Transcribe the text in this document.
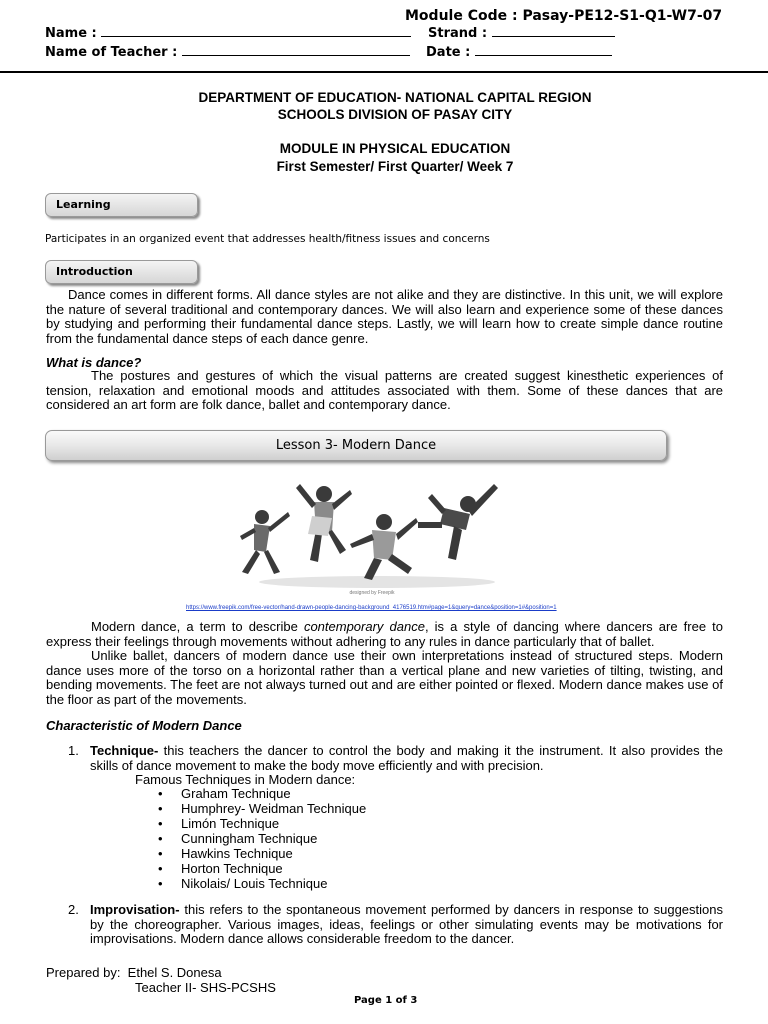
Module Code : Pasay-PE12-S1-Q1-W7-07
Name :	Strand :
Name of Teacher :	Date :
DEPARTMENT OF EDUCATION- NATIONAL CAPITAL REGION
SCHOOLS DIVISION OF PASAY CITY
MODULE IN PHYSICAL EDUCATION
First Semester/ First Quarter/ Week 7
Learning
Participates in an organized event that addresses health/fitness issues and concerns
Introduction
Dance comes in different forms. All dance styles are not alike and they are distinctive. In this unit, we will explore the nature of several traditional and contemporary dances. We will also learn and experience some of these dances by studying and performing their fundamental dance steps. Lastly, we will learn how to create simple dance routine from the fundamental dance steps of each dance genre.
What is dance?
The postures and gestures of which the visual patterns are created suggest kinesthetic experiences of tension, relaxation and emotional moods and attitudes associated with them. Some of these dances that are considered an art form are folk dance, ballet and contemporary dance.
Lesson 3- Modern Dance
designed by Freepik
https://www.freepik.com/free-vector/hand-drawn-people-dancing-background_4176519.htm#page=1&query=dance&position=1#&position=1
Modern dance, a term to describe contemporary dance, is a style of dancing where dancers are free to express their feelings through movements without adhering to any rules in dance particularly that of ballet.
Unlike ballet, dancers of modern dance use their own interpretations instead of structured steps. Modern dance uses more of the torso on a horizontal rather than a vertical plane and new varieties of tilting, twisting, and bending movements. The feet are not always turned out and are either pointed or flexed. Modern dance makes use of the floor as part of the movements.
Characteristic of Modern Dance
1. Technique- this teachers the dancer to control the body and making it the instrument. It also provides the skills of dance movement to make the body move efficiently and with precision.
Famous Techniques in Modern dance:
• Graham Technique
• Humphrey- Weidman Technique
• Limón Technique
• Cunningham Technique
• Hawkins Technique
• Horton Technique
• Nikolais/ Louis Technique
2. Improvisation- this refers to the spontaneous movement performed by dancers in response to suggestions by the choreographer. Various images, ideas, feelings or other simulating events may be motivations for improvisations. Modern dance allows considerable freedom to the dancer.
Prepared by:  Ethel S. Donesa
Teacher II- SHS-PCSHS
Page 1 of 3
